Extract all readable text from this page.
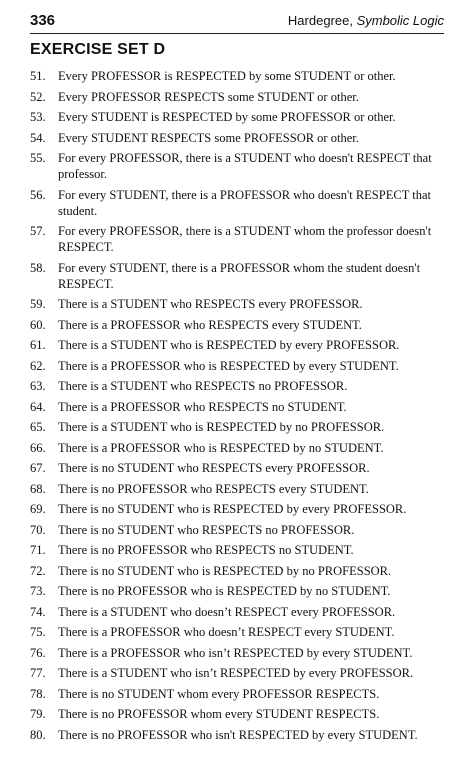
336	Hardegree, Symbolic Logic
EXERCISE SET D
51. Every PROFESSOR is RESPECTED by some STUDENT or other.
52. Every PROFESSOR RESPECTS some STUDENT or other.
53. Every STUDENT is RESPECTED by some PROFESSOR or other.
54. Every STUDENT RESPECTS some PROFESSOR or other.
55. For every PROFESSOR, there is a STUDENT who doesn't RESPECT that professor.
56. For every STUDENT, there is a PROFESSOR who doesn't RESPECT that student.
57. For every PROFESSOR, there is a STUDENT whom the professor doesn't RESPECT.
58. For every STUDENT, there is a PROFESSOR whom the student doesn't RESPECT.
59. There is a STUDENT who RESPECTS every PROFESSOR.
60. There is a PROFESSOR who RESPECTS every STUDENT.
61. There is a STUDENT who is RESPECTED by every PROFESSOR.
62. There is a PROFESSOR who is RESPECTED by every STUDENT.
63. There is a STUDENT who RESPECTS no PROFESSOR.
64. There is a PROFESSOR who RESPECTS no STUDENT.
65. There is a STUDENT who is RESPECTED by no PROFESSOR.
66. There is a PROFESSOR who is RESPECTED by no STUDENT.
67. There is no STUDENT who RESPECTS every PROFESSOR.
68. There is no PROFESSOR who RESPECTS every STUDENT.
69. There is no STUDENT who is RESPECTED by every PROFESSOR.
70. There is no STUDENT who RESPECTS no PROFESSOR.
71. There is no PROFESSOR who RESPECTS no STUDENT.
72. There is no STUDENT who is RESPECTED by no PROFESSOR.
73. There is no PROFESSOR who is RESPECTED by no STUDENT.
74. There is a STUDENT who doesn’t RESPECT every PROFESSOR.
75. There is a PROFESSOR who doesn’t RESPECT every STUDENT.
76. There is a PROFESSOR who isn’t RESPECTED by every STUDENT.
77. There is a STUDENT who isn’t RESPECTED by every PROFESSOR.
78. There is no STUDENT whom every PROFESSOR RESPECTS.
79. There is no PROFESSOR whom every STUDENT RESPECTS.
80. There is no PROFESSOR who isn't RESPECTED by every STUDENT.
